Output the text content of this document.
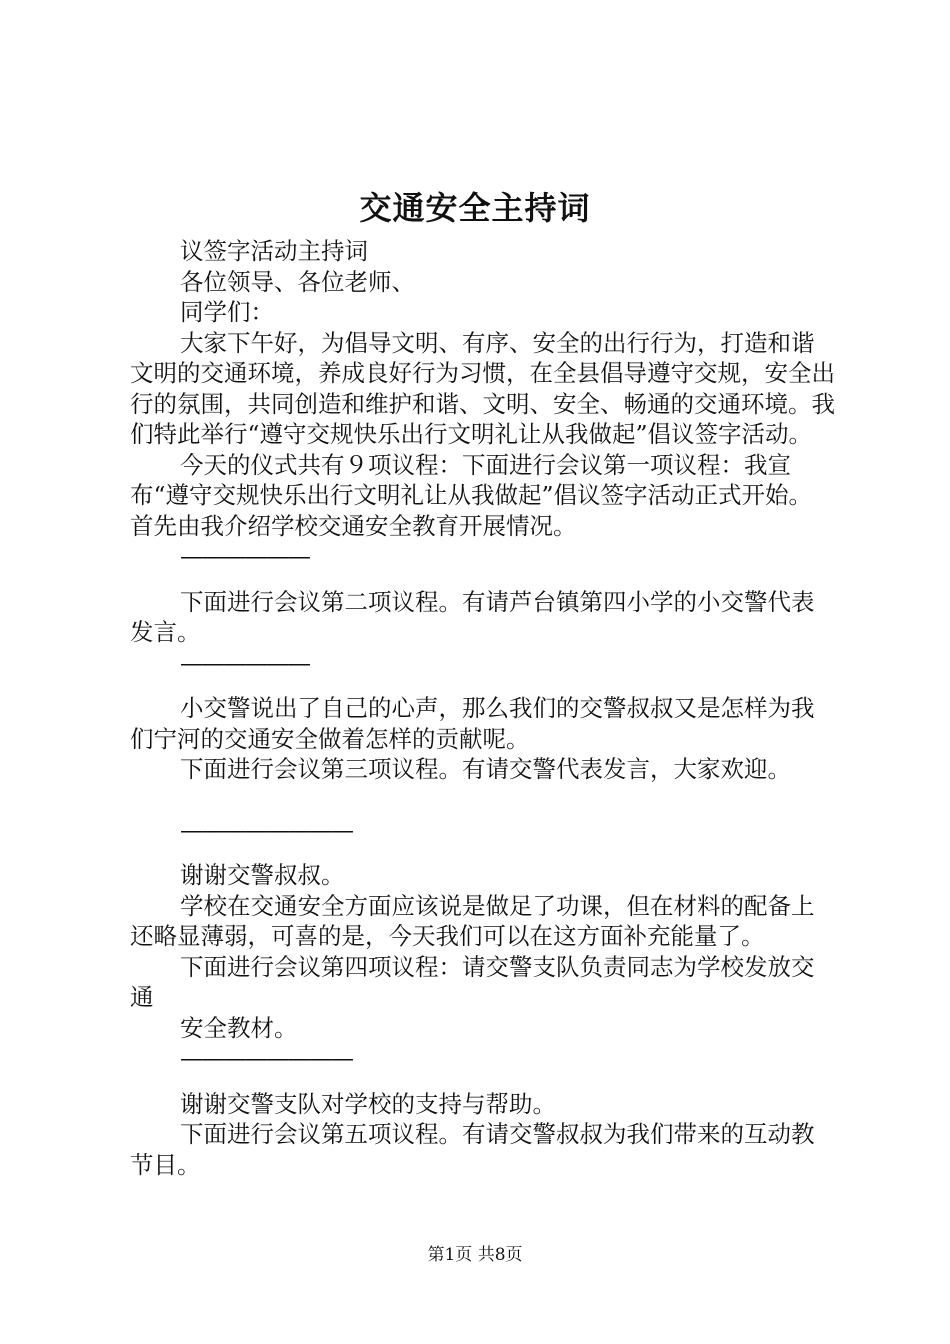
交通安全主持词

议签字活动主持词

各位领导、各位老师、

同学们：

大家下午好，为倡导文明、有序、安全的出行行为，打造和谐文明的交通环境，养成良好行为习惯，在全县倡导遵守交规，安全出行的氛围，共同创造和维护和谐、文明、安全、畅通的交通环境。我们特此举行“遵守交规快乐出行文明礼让从我做起”倡议签字活动。

今天的仪式共有９项议程：下面进行会议第一项议程：我宣布“遵守交规快乐出行文明礼让从我做起”倡议签字活动正式开始。首先由我介绍学校交通安全教育开展情况。

——————

下面进行会议第二项议程。有请芦台镇第四小学的小交警代表发言。

——————

小交警说出了自己的心声，那么我们的交警叔叔又是怎样为我们宁河的交通安全做着怎样的贡献呢。

下面进行会议第三项议程。有请交警代表发言，大家欢迎。

————————

谢谢交警叔叔。

学校在交通安全方面应该说是做足了功课，但在材料的配备上还略显薄弱，可喜的是，今天我们可以在这方面补充能量了。

下面进行会议第四项议程：请交警支队负责同志为学校发放交通

安全教材。

————————

谢谢交警支队对学校的支持与帮助。

下面进行会议第五项议程。有请交警叔叔为我们带来的互动教节目。

第1页 共8页
